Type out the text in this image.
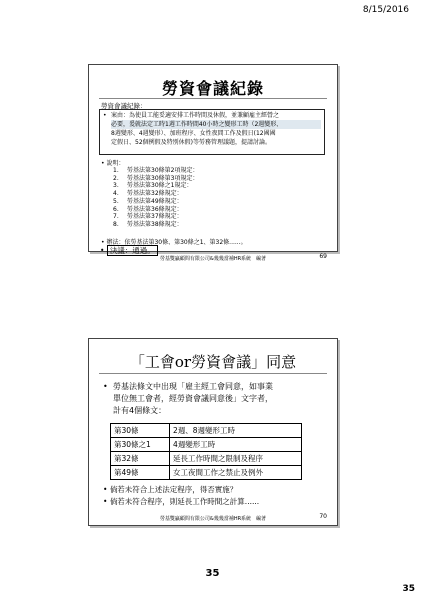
8/15/2016
勞資會議紀錄
勞資會議紀錄：
• 案由：為使員工能妥適安排工作時間及休假，並兼顧雇主經營之
必要，爰就法定工時1週工作時間40小時之變形工時（2週變形、
8週變形、4週變形）、加班程序、女性夜間工作及假日(12國國
定假日、52個例假及特別休假)等勞務管理議題，提請討論。
• 說明：
1. 勞基法第30條第2項規定：
2. 勞基法第30條第3項規定：
3. 勞基法第30條之1規定：
4. 勞基法第32條規定：
5. 勞基法第49條規定：
6. 勞基法第36條規定：
7. 勞基法第37條規定：
8. 勞基法第38條規定：
• 辦法：依勞基法第30條、第30條之1、第32條......。
• 決議：通過。
勞基雙贏顧問有限公司&幾幾當補HR系統　編著	69
「工會or勞資會議」同意
• 勞基法條文中出現「雇主經工會同意，如事業
單位無工會者，經勞資會議同意後」文字者，
計有4個條文：
第30條	2週、8週變形工時
第30條之1	4週變形工時
第32條	延長工作時間之限制及程序
第49條	女工夜間工作之禁止及例外
• 倘若未符合上述法定程序，得否實施？
• 倘若未符合程序，則延長工作時間之計算......
勞基雙贏顧問有限公司&幾幾當補HR系統　編著	70
35
35
